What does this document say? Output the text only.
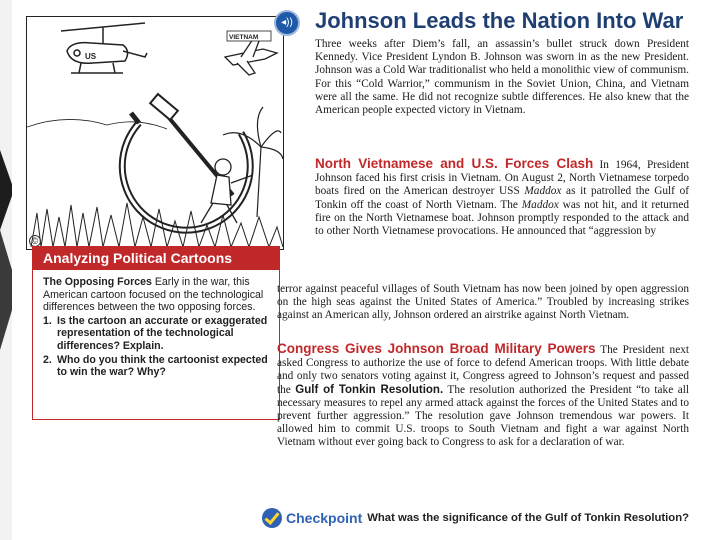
US
VIETNAM
©
Analyzing Political Cartoons
The Opposing Forces Early in the war, this American cartoon focused on the technological differences between the two opposing forces.
1. Is the cartoon an accurate or exaggerated representation of the technological differences? Explain.
2. Who do you think the cartoonist expected to win the war? Why?
◂))	Johnson Leads the Nation Into War

Three weeks after Diem’s fall, an assassin’s bullet struck down President Kennedy. Vice President Lyndon B. Johnson was sworn in as the new President. Johnson was a Cold War traditionalist who held a monolithic view of communism. For this “Cold Warrior,” communism in the Soviet Union, China, and Vietnam were all the same. He did not recognize subtle differences. He also knew that the American people expected victory in Vietnam.

North Vietnamese and U.S. Forces Clash In 1964, President Johnson faced his first crisis in Vietnam. On August 2, North Vietnamese torpedo boats fired on the American destroyer USS Maddox as it patrolled the Gulf of Tonkin off the coast of North Vietnam. The Maddox was not hit, and it returned fire on the North Vietnamese boat. Johnson promptly responded to the attack and to other North Vietnamese provocations. He announced that “aggression by

terror against peaceful villages of South Vietnam has now been joined by open aggression on the high seas against the United States of America.” Troubled by increasing strikes against an American ally, Johnson ordered an airstrike against North Vietnam.

Congress Gives Johnson Broad Military Powers The President next asked Congress to authorize the use of force to defend American troops. With little debate and only two senators voting against it, Congress agreed to Johnson’s request and passed the Gulf of Tonkin Resolution. The resolution authorized the President “to take all necessary measures to repel any armed attack against the forces of the United States and to prevent further aggression.” The resolution gave Johnson tremendous war powers. It allowed him to commit U.S. troops to South Vietnam and fight a war against North Vietnam without ever going back to Congress to ask for a declaration of war.

Checkpoint What was the significance of the Gulf of Tonkin Resolution?
